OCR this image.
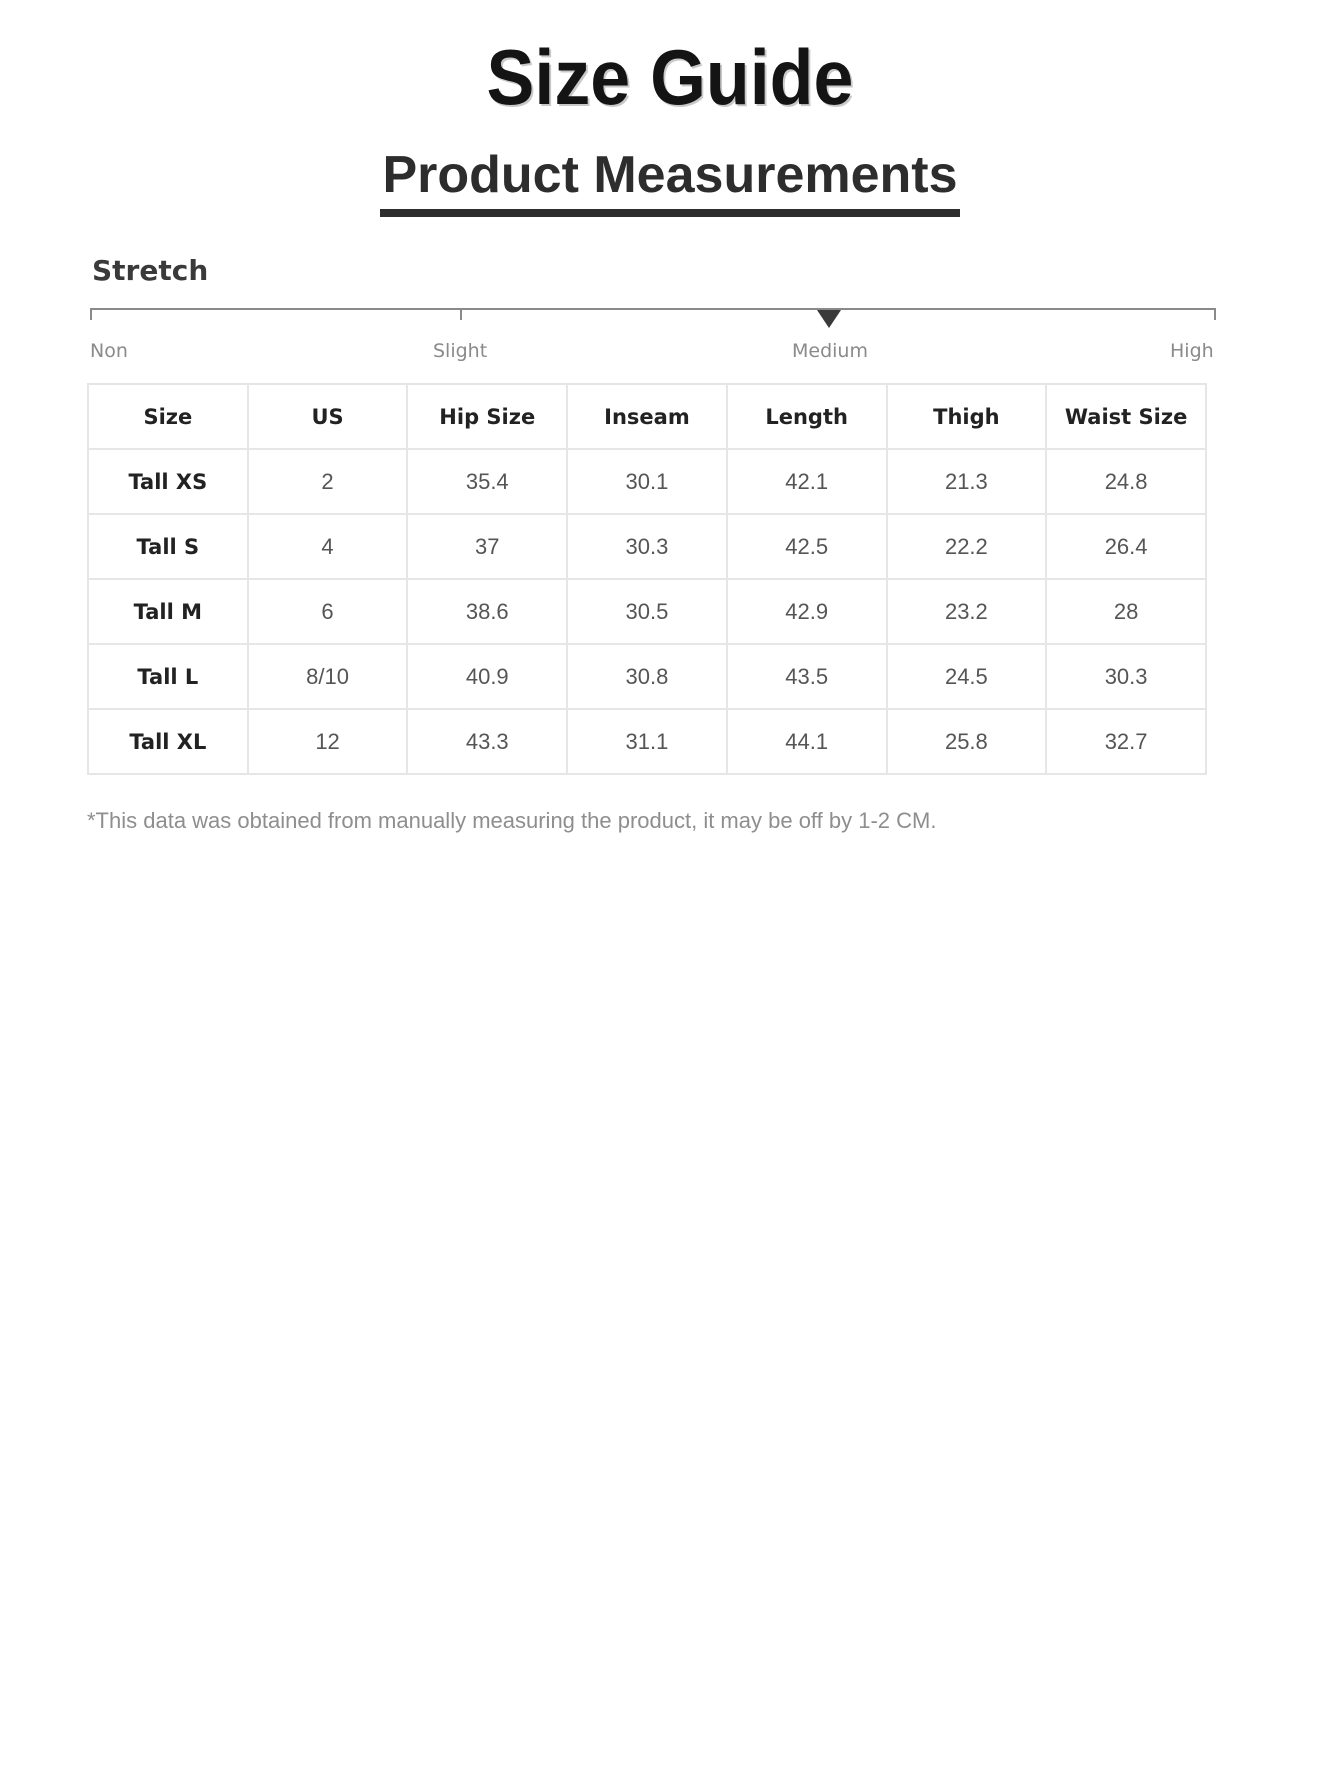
Size Guide
Product Measurements
Stretch
Non	Slight	Medium	High
Size	US	Hip Size	Inseam	Length	Thigh	Waist Size
Tall XS	2	35.4	30.1	42.1	21.3	24.8
Tall S	4	37	30.3	42.5	22.2	26.4
Tall M	6	38.6	30.5	42.9	23.2	28
Tall L	8/10	40.9	30.8	43.5	24.5	30.3
Tall XL	12	43.3	31.1	44.1	25.8	32.7
*This data was obtained from manually measuring the product, it may be off by 1-2 CM.
